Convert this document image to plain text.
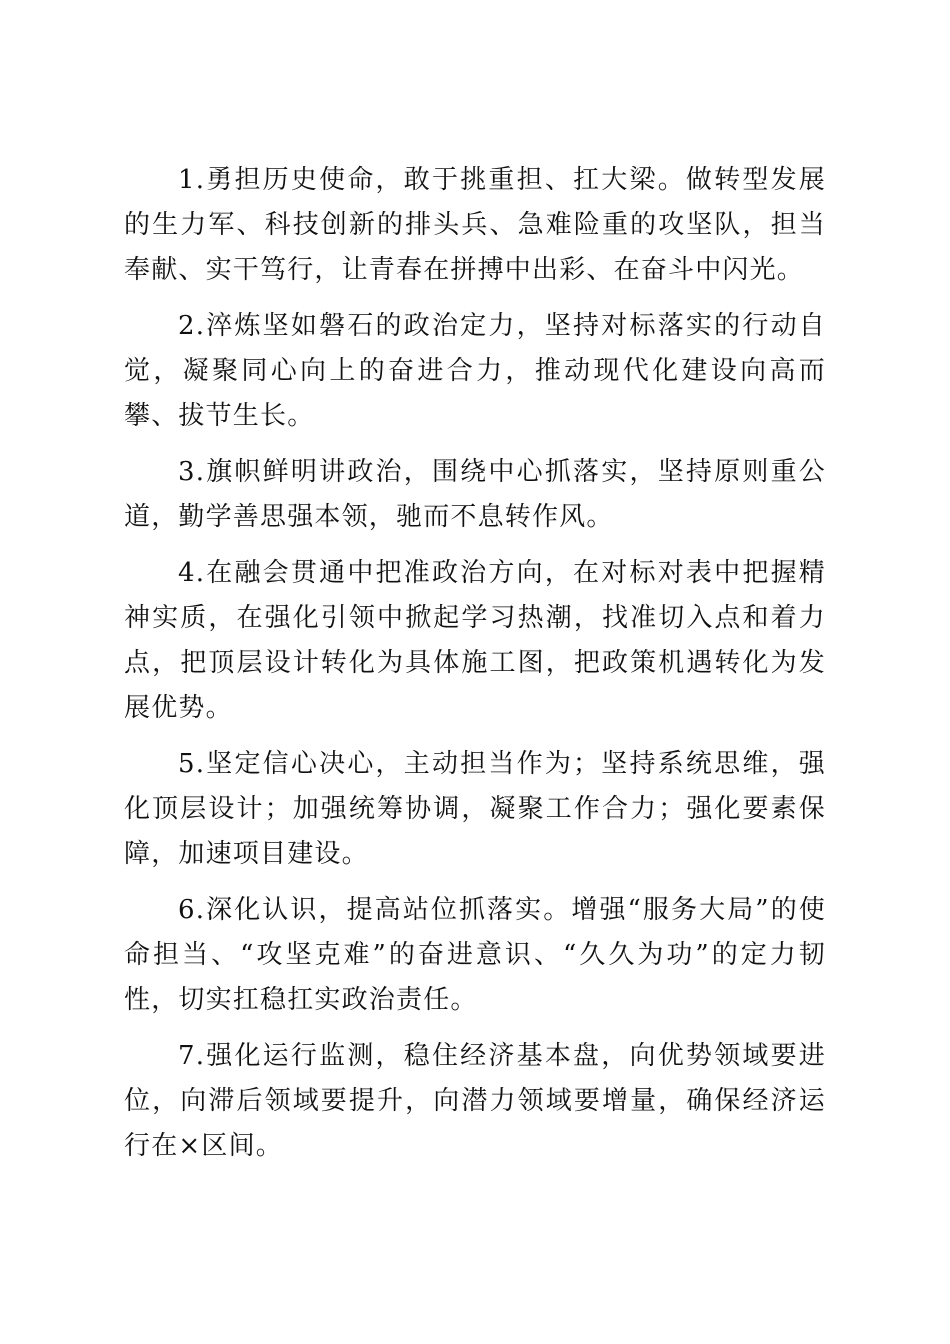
1.勇担历史使命，敢于挑重担、扛大梁。做转型发展的生力军、科技创新的排头兵、急难险重的攻坚队，担当奉献、实干笃行，让青春在拼搏中出彩、在奋斗中闪光。

2.淬炼坚如磐石的政治定力，坚持对标落实的行动自觉，凝聚同心向上的奋进合力，推动现代化建设向高而攀、拔节生长。

3.旗帜鲜明讲政治，围绕中心抓落实，坚持原则重公道，勤学善思强本领，驰而不息转作风。

4.在融会贯通中把准政治方向，在对标对表中把握精神实质，在强化引领中掀起学习热潮，找准切入点和着力点，把顶层设计转化为具体施工图，把政策机遇转化为发展优势。

5.坚定信心决心，主动担当作为；坚持系统思维，强化顶层设计；加强统筹协调，凝聚工作合力；强化要素保障，加速项目建设。

6.深化认识，提高站位抓落实。增强“服务大局”的使命担当、“攻坚克难”的奋进意识、“久久为功”的定力韧性，切实扛稳扛实政治责任。

7.强化运行监测，稳住经济基本盘，向优势领域要进位，向滞后领域要提升，向潜力领域要增量，确保经济运行在×区间。
